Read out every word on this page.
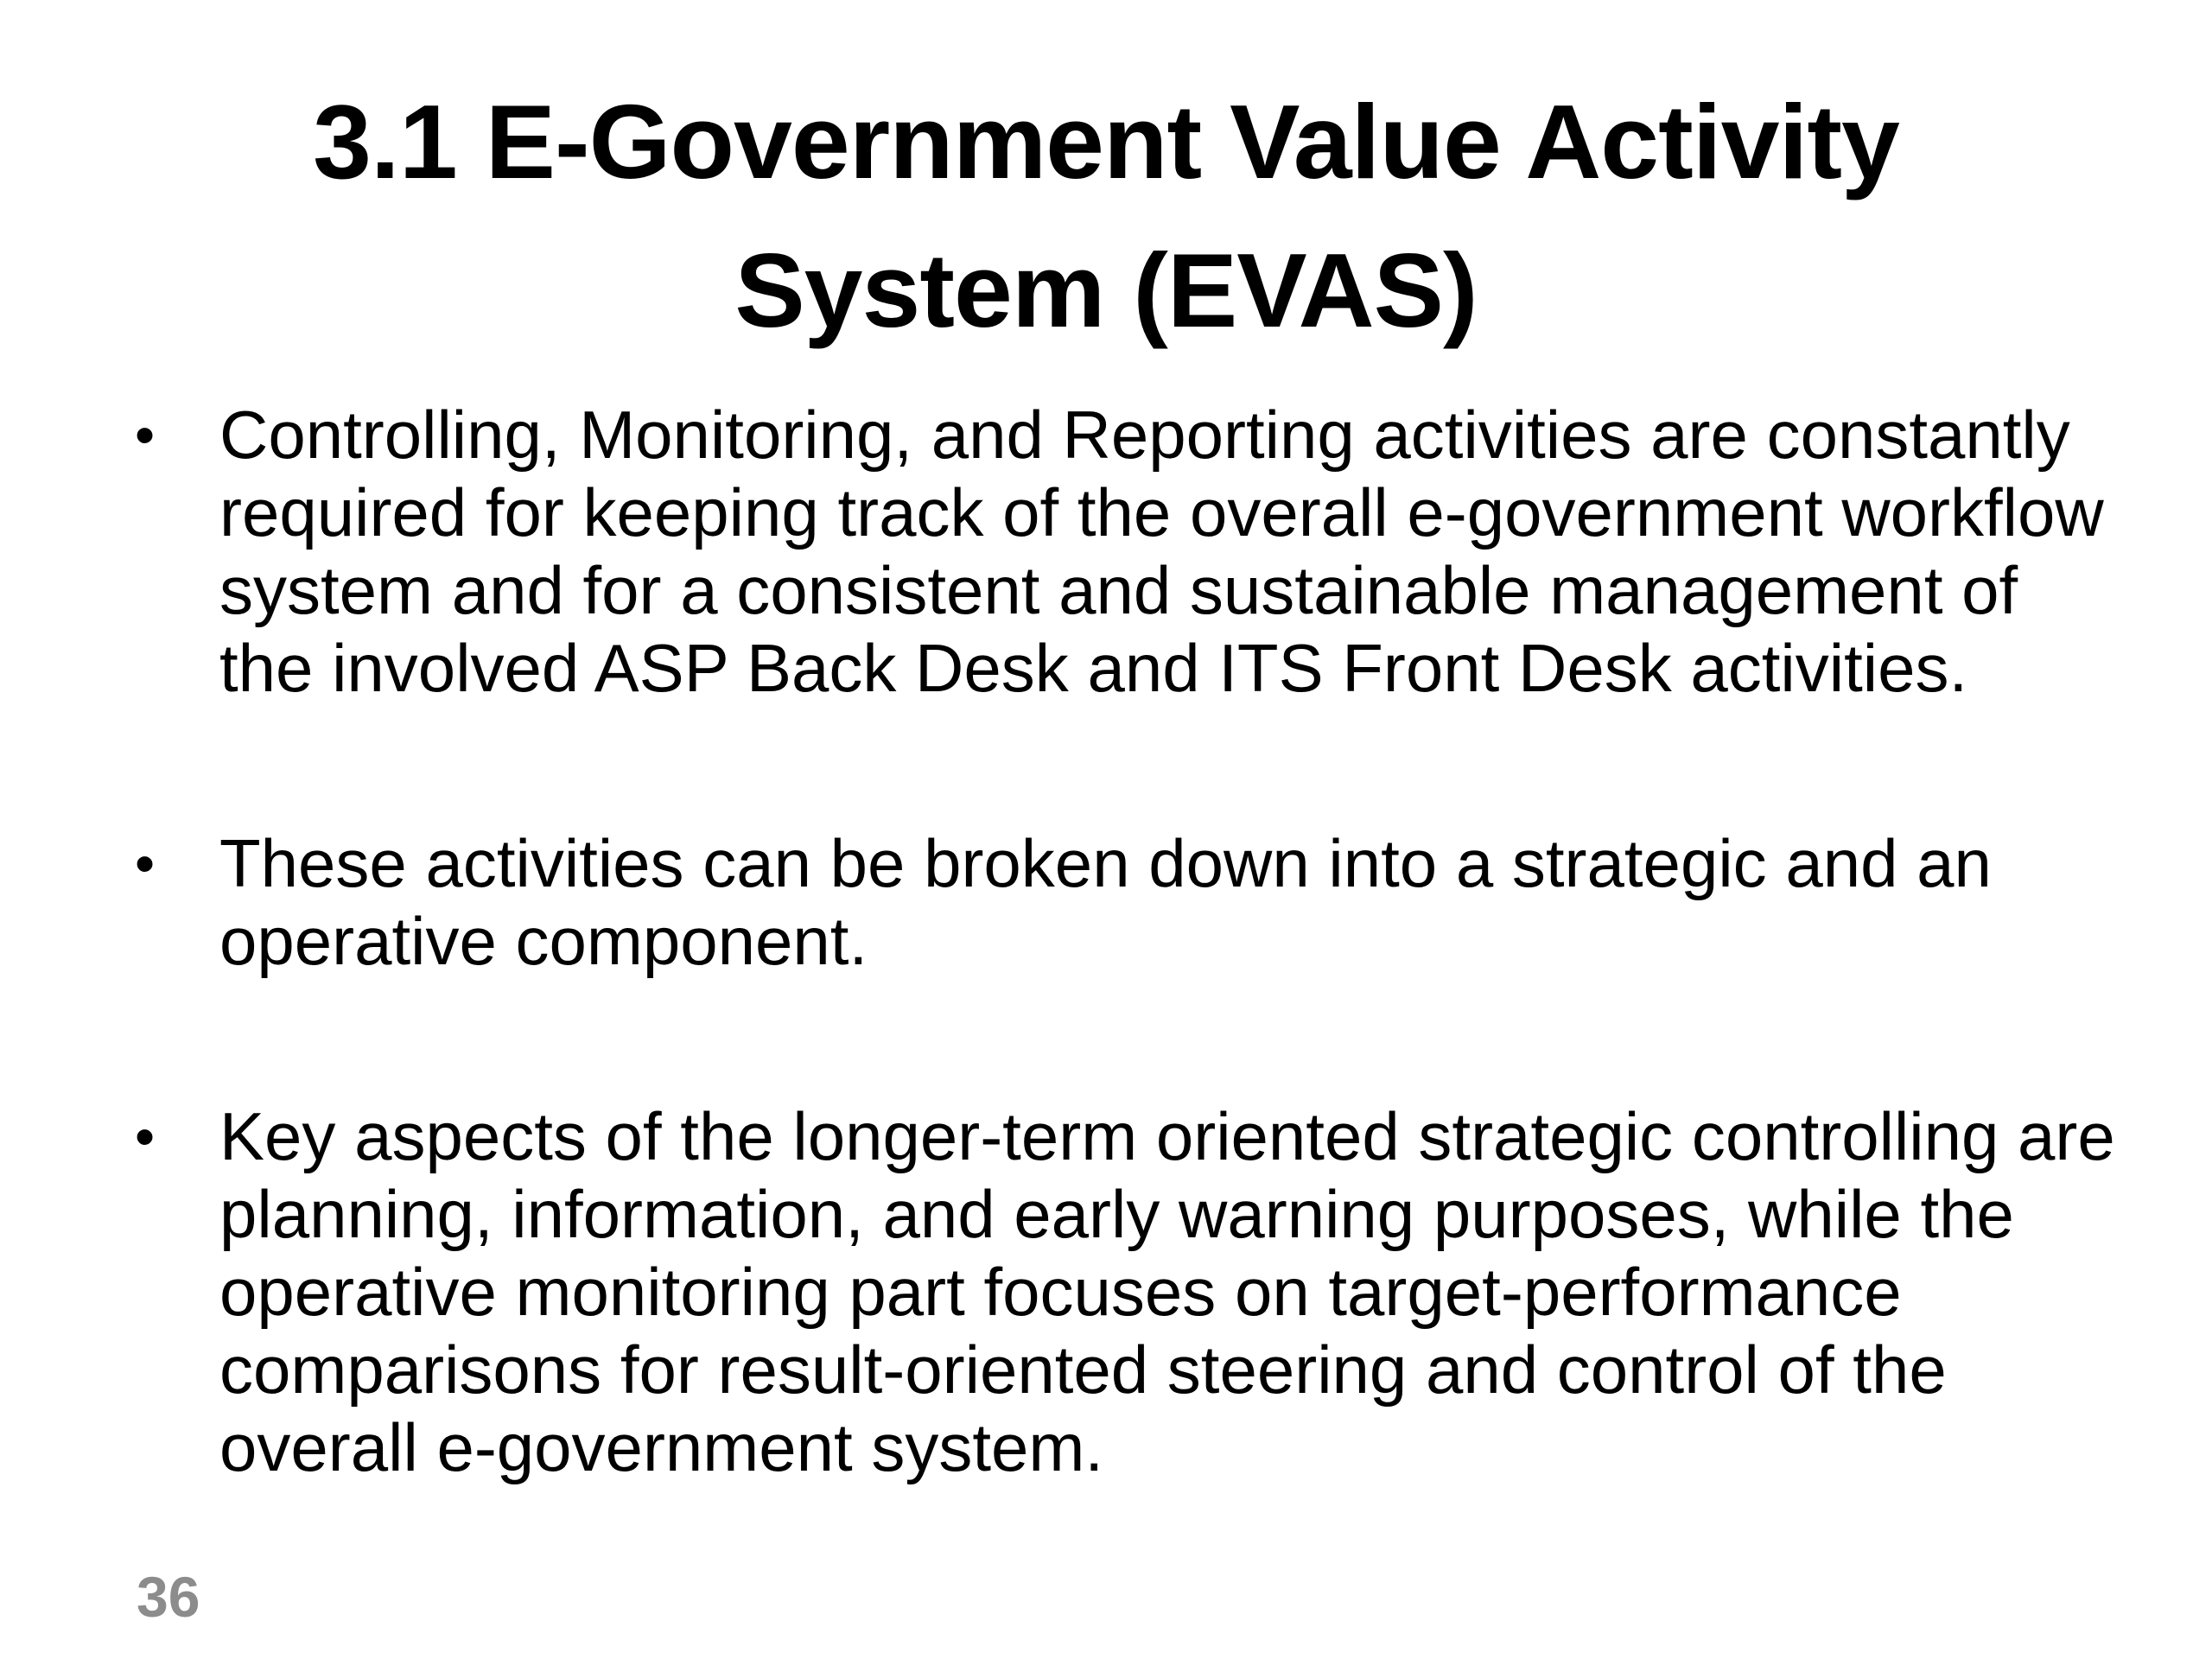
3.1 E-Government Value Activity
System (EVAS)
• Controlling, Monitoring, and Reporting activities are constantly required for keeping track of the overall e-government workflow system and for a consistent and sustainable management of the involved ASP Back Desk and ITS Front Desk activities.
• These activities can be broken down into a strategic and an operative component.
• Key aspects of the longer-term oriented strategic controlling are planning, information, and early warning purposes, while the operative monitoring part focuses on target-performance comparisons for result-oriented steering and control of the overall e-government system.
36
